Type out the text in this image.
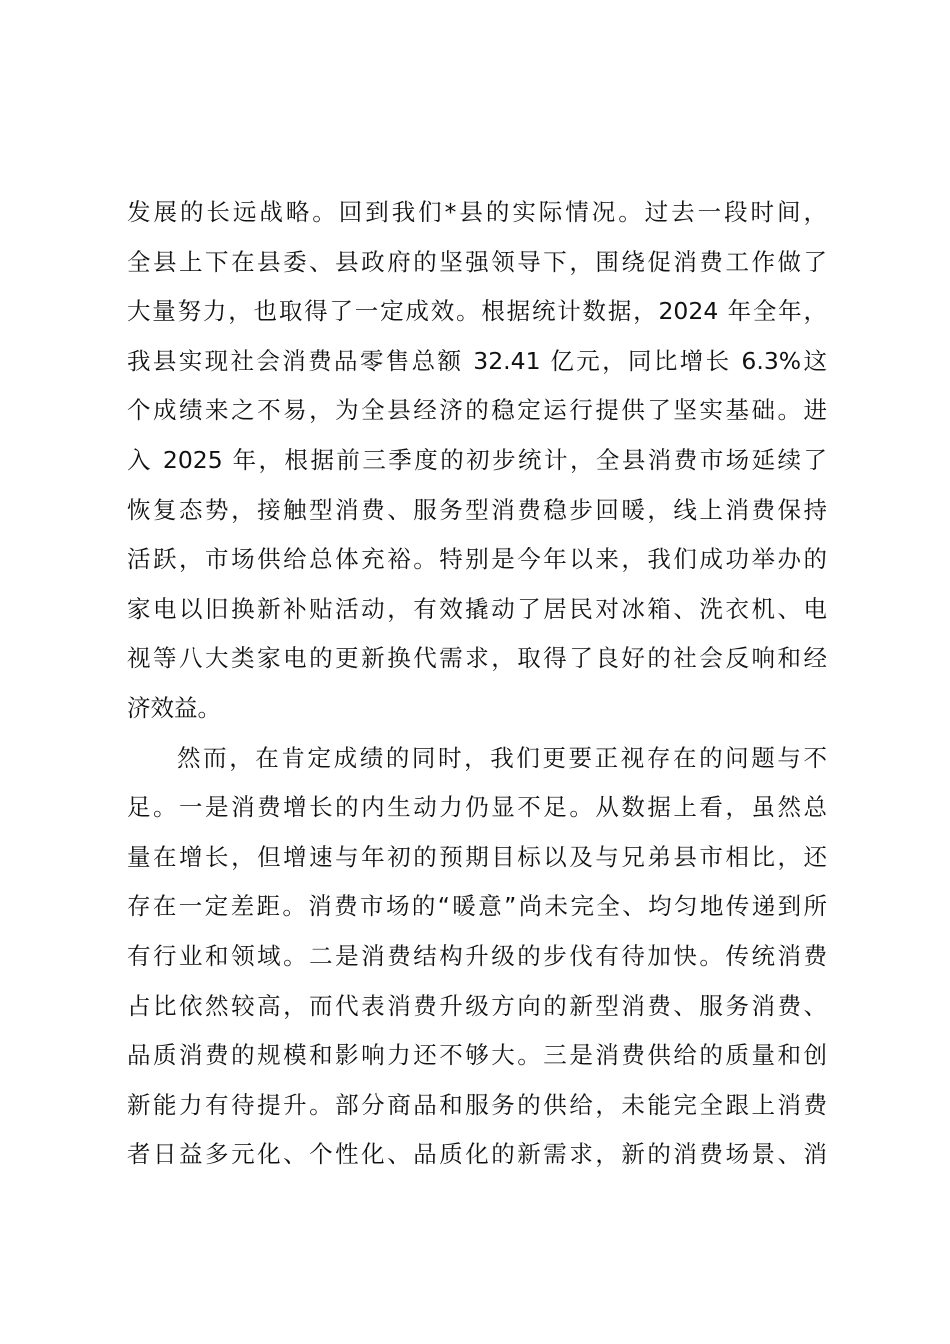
发展的长远战略。回到我们*县的实际情况。过去一段时间，
全县上下在县委、县政府的坚强领导下，围绕促消费工作做了
大量努力，也取得了一定成效。根据统计数据，2024 年全年，
我县实现社会消费品零售总额 32.41 亿元，同比增长 6.3%这
个成绩来之不易，为全县经济的稳定运行提供了坚实基础。进
入 2025 年，根据前三季度的初步统计，全县消费市场延续了
恢复态势，接触型消费、服务型消费稳步回暖，线上消费保持
活跃，市场供给总体充裕。特别是今年以来，我们成功举办的
家电以旧换新补贴活动，有效撬动了居民对冰箱、洗衣机、电
视等八大类家电的更新换代需求，取得了良好的社会反响和经
济效益。
然而，在肯定成绩的同时，我们更要正视存在的问题与不
足。一是消费增长的内生动力仍显不足。从数据上看，虽然总
量在增长，但增速与年初的预期目标以及与兄弟县市相比，还
存在一定差距。消费市场的“暖意”尚未完全、均匀地传递到所
有行业和领域。二是消费结构升级的步伐有待加快。传统消费
占比依然较高，而代表消费升级方向的新型消费、服务消费、
品质消费的规模和影响力还不够大。三是消费供给的质量和创
新能力有待提升。部分商品和服务的供给，未能完全跟上消费
者日益多元化、个性化、品质化的新需求，新的消费场景、消
